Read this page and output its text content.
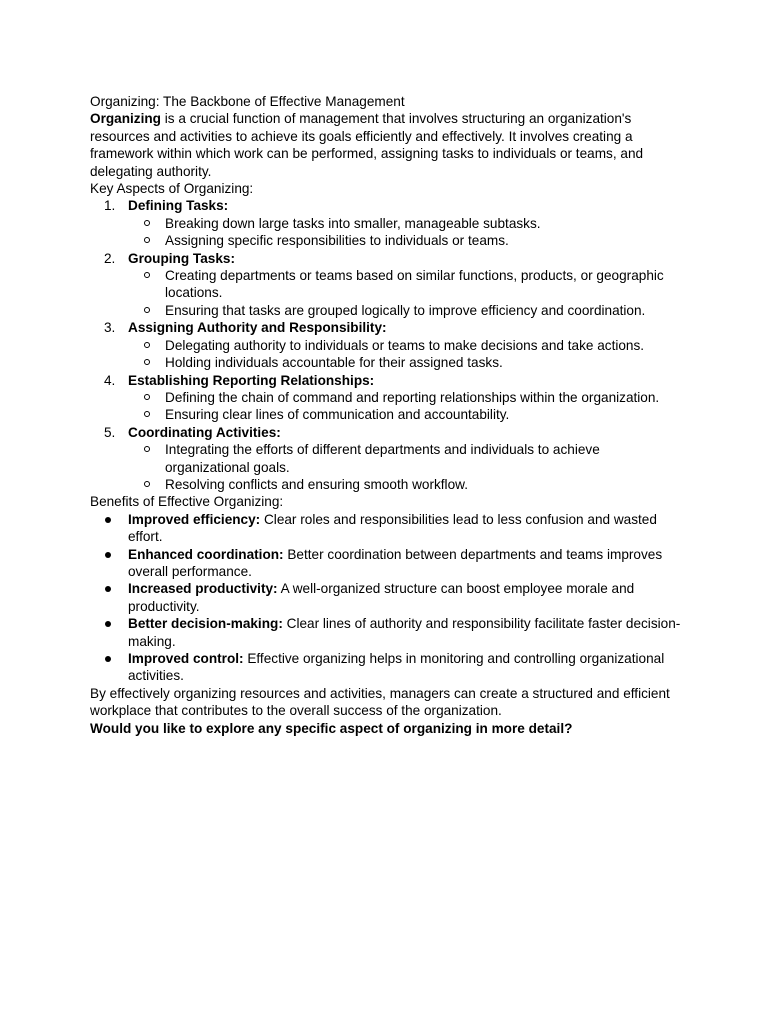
Organizing: The Backbone of Effective Management

Organizing is a crucial function of management that involves structuring an organization's resources and activities to achieve its goals efficiently and effectively. It involves creating a framework within which work can be performed, assigning tasks to individuals or teams, and delegating authority.

Key Aspects of Organizing:

1. Defining Tasks:
Breaking down large tasks into smaller, manageable subtasks.
Assigning specific responsibilities to individuals or teams.
2. Grouping Tasks:
Creating departments or teams based on similar functions, products, or geographic locations.
Ensuring that tasks are grouped logically to improve efficiency and coordination.
3. Assigning Authority and Responsibility:
Delegating authority to individuals or teams to make decisions and take actions.
Holding individuals accountable for their assigned tasks.
4. Establishing Reporting Relationships:
Defining the chain of command and reporting relationships within the organization.
Ensuring clear lines of communication and accountability.
5. Coordinating Activities:
Integrating the efforts of different departments and individuals to achieve organizational goals.
Resolving conflicts and ensuring smooth workflow.

Benefits of Effective Organizing:

Improved efficiency: Clear roles and responsibilities lead to less confusion and wasted effort.
Enhanced coordination: Better coordination between departments and teams improves overall performance.
Increased productivity: A well-organized structure can boost employee morale and productivity.
Better decision-making: Clear lines of authority and responsibility facilitate faster decision-making.
Improved control: Effective organizing helps in monitoring and controlling organizational activities.

By effectively organizing resources and activities, managers can create a structured and efficient workplace that contributes to the overall success of the organization.

Would you like to explore any specific aspect of organizing in more detail?
